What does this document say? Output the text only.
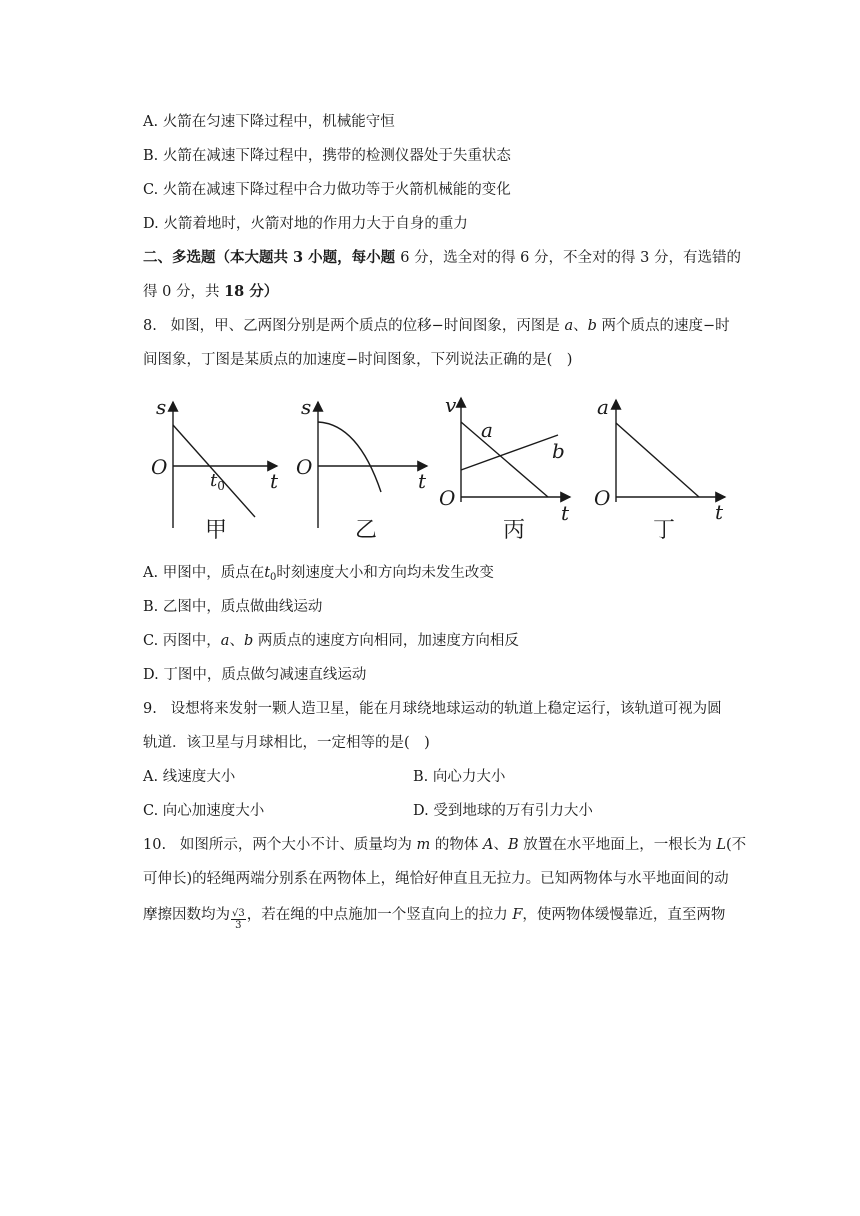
A. 火箭在匀速下降过程中，机械能守恒
B. 火箭在减速下降过程中，携带的检测仪器处于失重状态
C. 火箭在减速下降过程中合力做功等于火箭机械能的变化
D. 火箭着地时，火箭对地的作用力大于自身的重力
二、多选题（本大题共 3 小题，每小题 6 分，选全对的得 6 分，不全对的得 3 分，有选错的
得 0 分，共 18 分）
8. 如图，甲、乙两图分别是两个质点的位移−时间图象，丙图是 a、b 两个质点的速度−时
间图象，丁图是某质点的加速度−时间图象，下列说法正确的是(　)
s
O
$t_0$ t
甲
s
O
t
乙
v
a
b
O
t
丙
a
O
t
丁
A. 甲图中，质点在$t_0$时刻速度大小和方向均未发生改变
B. 乙图中，质点做曲线运动
C. 丙图中，a、b 两质点的速度方向相同，加速度方向相反
D. 丁图中，质点做匀减速直线运动
9. 设想将来发射一颗人造卫星，能在月球绕地球运动的轨道上稳定运行，该轨道可视为圆
轨道．该卫星与月球相比，一定相等的是(　)
A. 线速度大小	B. 向心力大小
C. 向心加速度大小	D. 受到地球的万有引力大小
10. 如图所示，两个大小不计、质量均为 m 的物体 A、B 放置在水平地面上，一根长为 L(不
可伸长)的轻绳两端分别系在两物体上，绳恰好伸直且无拉力。已知两物体与水平地面间的动
摩擦因数均为 $\frac{√3}{3}$ ，若在绳的中点施加一个竖直向上的拉力 F，使两物体缓慢靠近，直至两物
